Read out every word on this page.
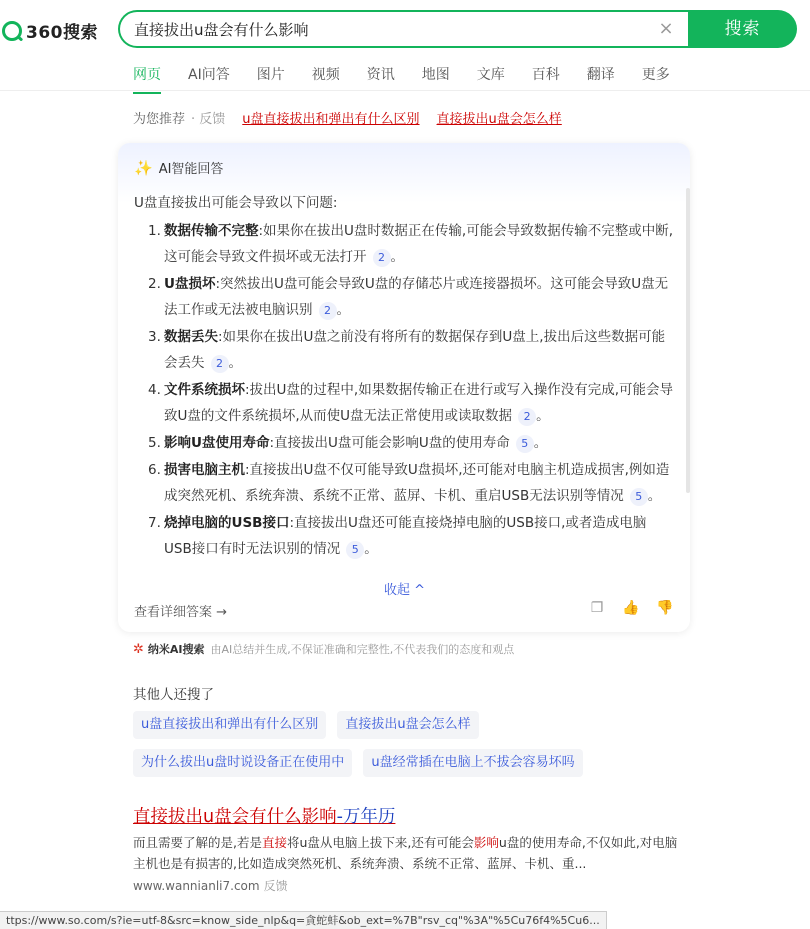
360搜索 直接拔出u盘会有什么影响	×	搜索
网页 AI问答 图片 视频 资讯 地图 文库 百科 翻译 更多
为您推荐 · 反馈 u盘直接拔出和弹出有什么区别 直接拔出u盘会怎么样
✨ AI智能回答
U盘直接拔出可能会导致以下问题:
1. 数据传输不完整:如果你在拔出U盘时数据正在传输,可能会导致数据传输不完整或中断,这可能会导致文件损坏或无法打开 2 。
2. U盘损坏:突然拔出U盘可能会导致U盘的存储芯片或连接器损坏。这可能会导致U盘无法工作或无法被电脑识别 2 。
3. 数据丢失:如果你在拔出U盘之前没有将所有的数据保存到U盘上,拔出后这些数据可能会丢失 2 。
4. 文件系统损坏:拔出U盘的过程中,如果数据传输正在进行或写入操作没有完成,可能会导致U盘的文件系统损坏,从而使U盘无法正常使用或读取数据 2 。
5. 影响U盘使用寿命:直接拔出U盘可能会影响U盘的使用寿命 5 。
6. 损害电脑主机:直接拔出U盘不仅可能导致U盘损坏,还可能对电脑主机造成损害,例如造成突然死机、系统奔溃、系统不正常、蓝屏、卡机、重启USB无法识别等情况 5 。
7. 烧掉电脑的USB接口:直接拔出U盘还可能直接烧掉电脑的USB接口,或者造成电脑USB接口有时无法识别的情况 5 。
收起 ^
查看详细答案 →	❐ 👍 👎
✲ 纳米AI搜索 由AI总结并生成,不保证准确和完整性,不代表我们的态度和观点
其他人还搜了
u盘直接拔出和弹出有什么区别 直接拔出u盘会怎么样
为什么拔出u盘时说设备正在使用中 u盘经常插在电脑上不拔会容易坏吗
直接拔出u盘会有什么影响-万年历
而且需要了解的是,若是直接将u盘从电脑上拔下来,还有可能会影响u盘的使用寿命,不仅如此,对电脑主机也是有损害的,比如造成突然死机、系统奔溃、系统不正常、蓝屏、卡机、重...
www.wannianli7.com 反馈
ttps://www.so.com/s?ie=utf-8&src=know_side_nlp&q=貪蛇蚌&ob_ext=%7B"rsv_cq"%3A"%5Cu76f4%5Cu6...
